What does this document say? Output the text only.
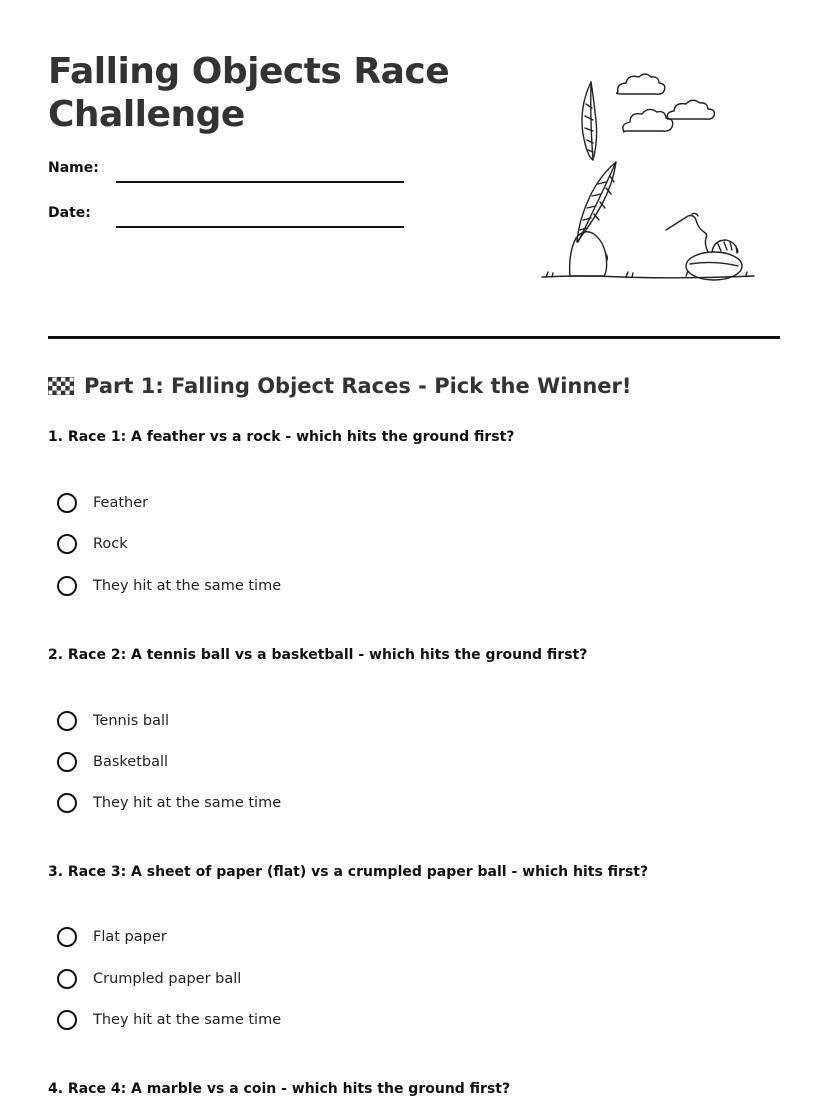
Falling Objects Race
Challenge
Name:
Date:
Part 1: Falling Object Races - Pick the Winner!

1. Race 1: A feather vs a rock - which hits the ground first?

Feather
Rock
They hit at the same time

2. Race 2: A tennis ball vs a basketball - which hits the ground first?

Tennis ball
Basketball
They hit at the same time

3. Race 3: A sheet of paper (flat) vs a crumpled paper ball - which hits first?

Flat paper
Crumpled paper ball
They hit at the same time

4. Race 4: A marble vs a coin - which hits the ground first?
